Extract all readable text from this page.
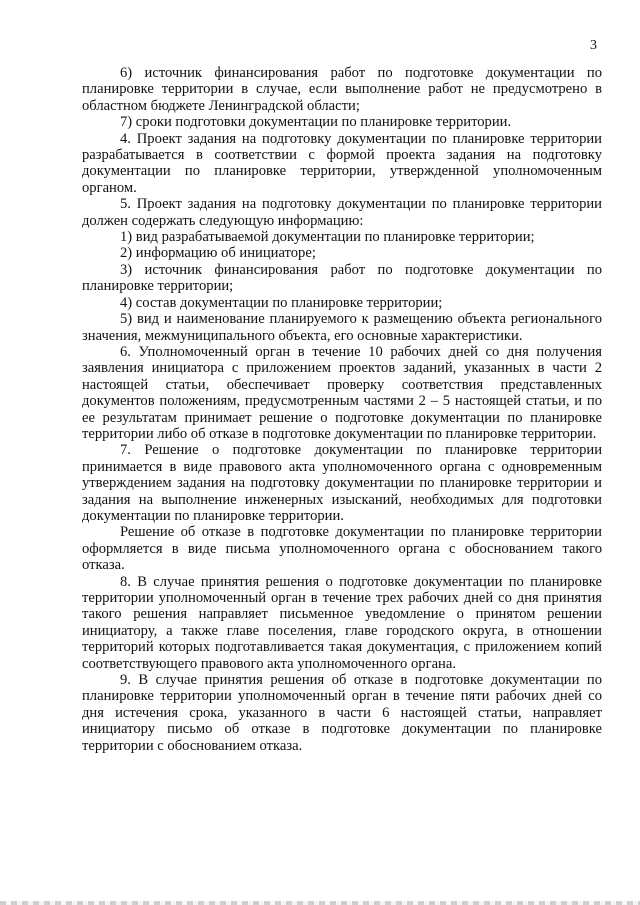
3

6) источник финансирования работ по подготовке документации по планировке территории в случае, если выполнение работ не предусмотрено в областном бюджете Ленинградской области;

7) сроки подготовки документации по планировке территории.

4. Проект задания на подготовку документации по планировке территории разрабатывается в соответствии с формой проекта задания на подготовку документации по планировке территории, утвержденной уполномоченным органом.

5. Проект задания на подготовку документации по планировке территории должен содержать следующую информацию:

1) вид разрабатываемой документации по планировке территории;

2) информацию об инициаторе;

3) источник финансирования работ по подготовке документации по планировке территории;

4) состав документации по планировке территории;

5) вид и наименование планируемого к размещению объекта регионального значения, межмуниципального объекта, его основные характеристики.

6. Уполномоченный орган в течение 10 рабочих дней со дня получения заявления инициатора с приложением проектов заданий, указанных в части 2 настоящей статьи, обеспечивает проверку соответствия представленных документов положениям, предусмотренным частями 2 – 5 настоящей статьи, и по ее результатам принимает решение о подготовке документации по планировке территории либо об отказе в подготовке документации по планировке территории.

7. Решение о подготовке документации по планировке территории принимается в виде правового акта уполномоченного органа с одновременным утверждением задания на подготовку документации по планировке территории и задания на выполнение инженерных изысканий, необходимых для подготовки документации по планировке территории.

Решение об отказе в подготовке документации по планировке территории оформляется в виде письма уполномоченного органа с обоснованием такого отказа.

8. В случае принятия решения о подготовке документации по планировке территории уполномоченный орган в течение трех рабочих дней со дня принятия такого решения направляет письменное уведомление о принятом решении инициатору, а также главе поселения, главе городского округа, в отношении территорий которых подготавливается такая документация, с приложением копий соответствующего правового акта уполномоченного органа.

9. В случае принятия решения об отказе в подготовке документации по планировке территории уполномоченный орган в течение пяти рабочих дней со дня истечения срока, указанного в части 6 настоящей статьи, направляет инициатору письмо об отказе в подготовке документации по планировке территории с обоснованием отказа.
